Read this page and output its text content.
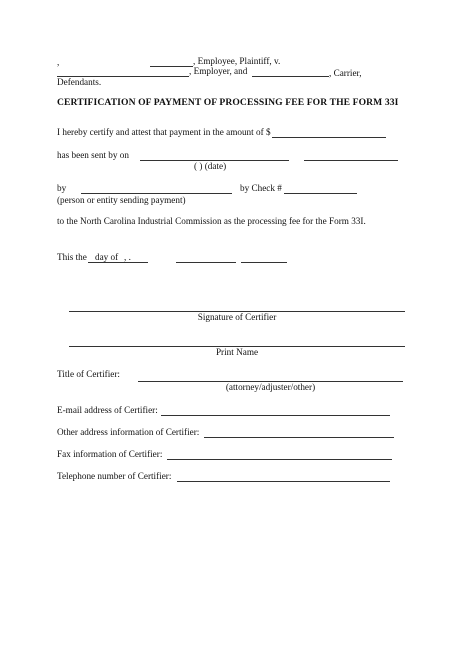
,	, Employee, Plaintiff, v.
, Employer, and	, Carrier,
Defendants.
CERTIFICATION OF PAYMENT OF PROCESSING FEE FOR THE FORM 33I
I hereby certify and attest that payment in the amount of $
has been sent by on
( ) (date)
by	by Check #
(person or entity sending payment)
to the North Carolina Industrial Commission as the processing fee for the Form 33I.
This the day of , .
Signature of Certifier
Print Name
Title of Certifier:
(attorney/adjuster/other)
E-mail address of Certifier:
Other address information of Certifier:
Fax information of Certifier:
Telephone number of Certifier:
